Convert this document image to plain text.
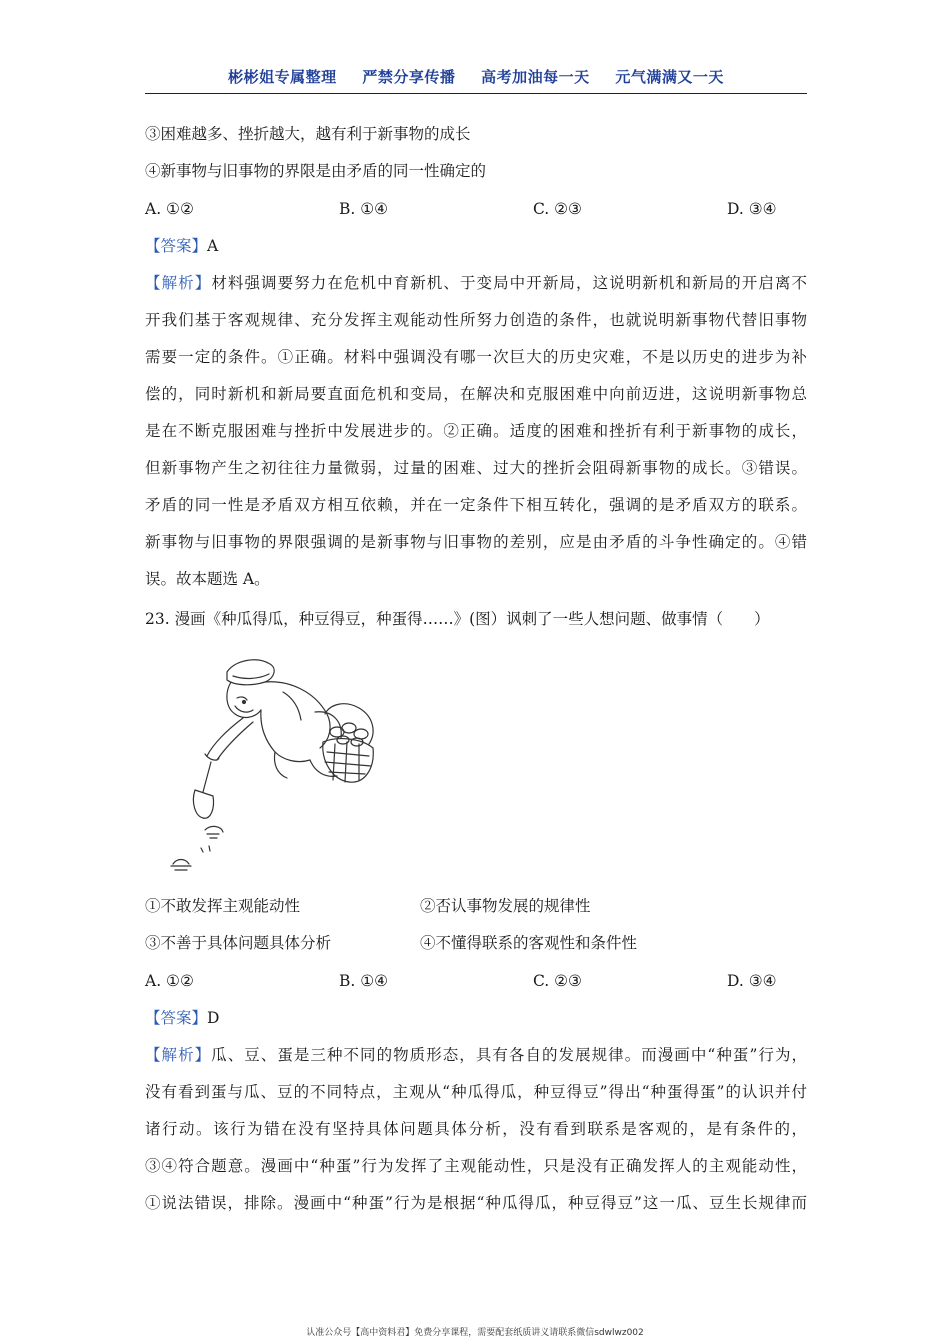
彬彬姐专属整理 严禁分享传播 高考加油每一天 元气满满又一天
③困难越多、挫折越大，越有利于新事物的成长
④新事物与旧事物的界限是由矛盾的同一性确定的
A. ①②	B. ①④	C. ②③	D. ③④
【答案】A
【解析】材料强调要努力在危机中育新机、于变局中开新局，这说明新机和新局的开启离不
开我们基于客观规律、充分发挥主观能动性所努力创造的条件，也就说明新事物代替旧事物
需要一定的条件。①正确。材料中强调没有哪一次巨大的历史灾难，不是以历史的进步为补
偿的，同时新机和新局要直面危机和变局，在解决和克服困难中向前迈进，这说明新事物总
是在不断克服困难与挫折中发展进步的。②正确。适度的困难和挫折有利于新事物的成长，
但新事物产生之初往往力量微弱，过量的困难、过大的挫折会阻碍新事物的成长。③错误。
矛盾的同一性是矛盾双方相互依赖，并在一定条件下相互转化，强调的是矛盾双方的联系。
新事物与旧事物的界限强调的是新事物与旧事物的差别，应是由矛盾的斗争性确定的。④错
误。故本题选 A。
23. 漫画《种瓜得瓜，种豆得豆，种蛋得……》(图）讽刺了一些人想问题、做事情（　　）
①不敢发挥主观能动性	②否认事物发展的规律性
③不善于具体问题具体分析	④不懂得联系的客观性和条件性
A. ①②	B. ①④	C. ②③	D. ③④
【答案】D
【解析】瓜、豆、蛋是三种不同的物质形态，具有各自的发展规律。而漫画中“种蛋”行为，
没有看到蛋与瓜、豆的不同特点，主观从“种瓜得瓜，种豆得豆”得出“种蛋得蛋”的认识并付
诸行动。该行为错在没有坚持具体问题具体分析，没有看到联系是客观的，是有条件的，
③④符合题意。漫画中“种蛋”行为发挥了主观能动性，只是没有正确发挥人的主观能动性，
①说法错误，排除。漫画中“种蛋”行为是根据“种瓜得瓜，种豆得豆”这一瓜、豆生长规律而
认准公众号【高中资料君】免费分享课程，需要配套纸质讲义请联系微信sdwlwz002
